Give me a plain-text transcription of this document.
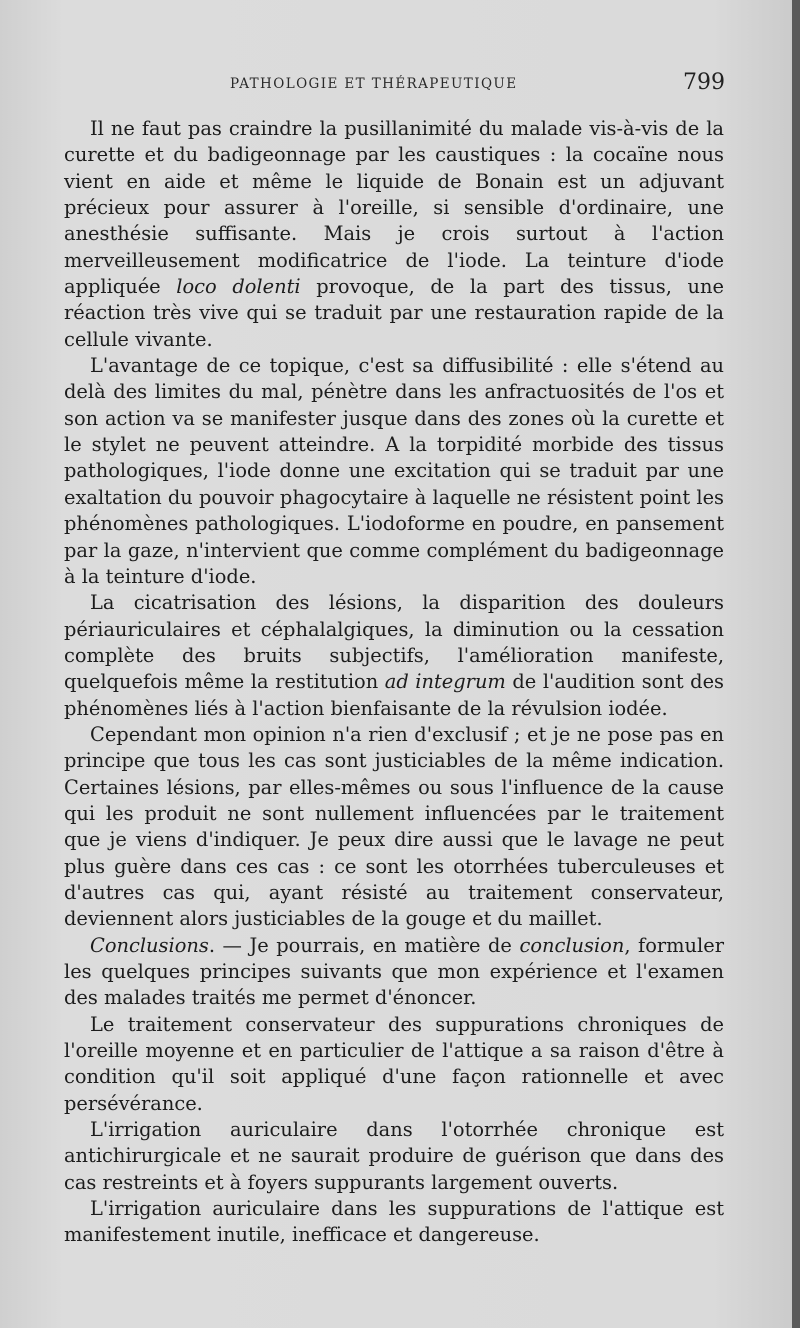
PATHOLOGIE ET THÉRAPEUTIQUE	799

Il ne faut pas craindre la pusillanimité du malade vis-à-vis de la curette et du badigeonnage par les caustiques : la cocaïne nous vient en aide et même le liquide de Bonain est un adjuvant précieux pour assurer à l'oreille, si sensible d'ordinaire, une anesthésie suffisante. Mais je crois surtout à l'action merveilleusement modificatrice de l'iode. La teinture d'iode appliquée loco dolenti provoque, de la part des tissus, une réaction très vive qui se traduit par une restauration rapide de la cellule vivante.

L'avantage de ce topique, c'est sa diffusibilité : elle s'étend au delà des limites du mal, pénètre dans les anfractuosités de l'os et son action va se manifester jusque dans des zones où la curette et le stylet ne peuvent atteindre. A la torpidité morbide des tissus pathologiques, l'iode donne une excitation qui se traduit par une exaltation du pouvoir phagocytaire à laquelle ne résistent point les phénomènes pathologiques. L'iodoforme en poudre, en pansement par la gaze, n'intervient que comme complément du badigeonnage à la teinture d'iode.

La cicatrisation des lésions, la disparition des douleurs périauriculaires et céphalalgiques, la diminution ou la cessation complète des bruits subjectifs, l'amélioration manifeste, quelquefois même la restitution ad integrum de l'audition sont des phénomènes liés à l'action bienfaisante de la révulsion iodée.

Cependant mon opinion n'a rien d'exclusif ; et je ne pose pas en principe que tous les cas sont justiciables de la même indication. Certaines lésions, par elles-mêmes ou sous l'influence de la cause qui les produit ne sont nullement influencées par le traitement que je viens d'indiquer. Je peux dire aussi que le lavage ne peut plus guère dans ces cas : ce sont les otorrhées tuberculeuses et d'autres cas qui, ayant résisté au traitement conservateur, deviennent alors justiciables de la gouge et du maillet.

Conclusions. — Je pourrais, en matière de conclusion, formuler les quelques principes suivants que mon expérience et l'examen des malades traités me permet d'énoncer.

Le traitement conservateur des suppurations chroniques de l'oreille moyenne et en particulier de l'attique a sa raison d'être à condition qu'il soit appliqué d'une façon rationnelle et avec persévérance.

L'irrigation auriculaire dans l'otorrhée chronique est antichirurgicale et ne saurait produire de guérison que dans des cas restreints et à foyers suppurants largement ouverts.

L'irrigation auriculaire dans les suppurations de l'attique est manifestement inutile, inefficace et dangereuse.
